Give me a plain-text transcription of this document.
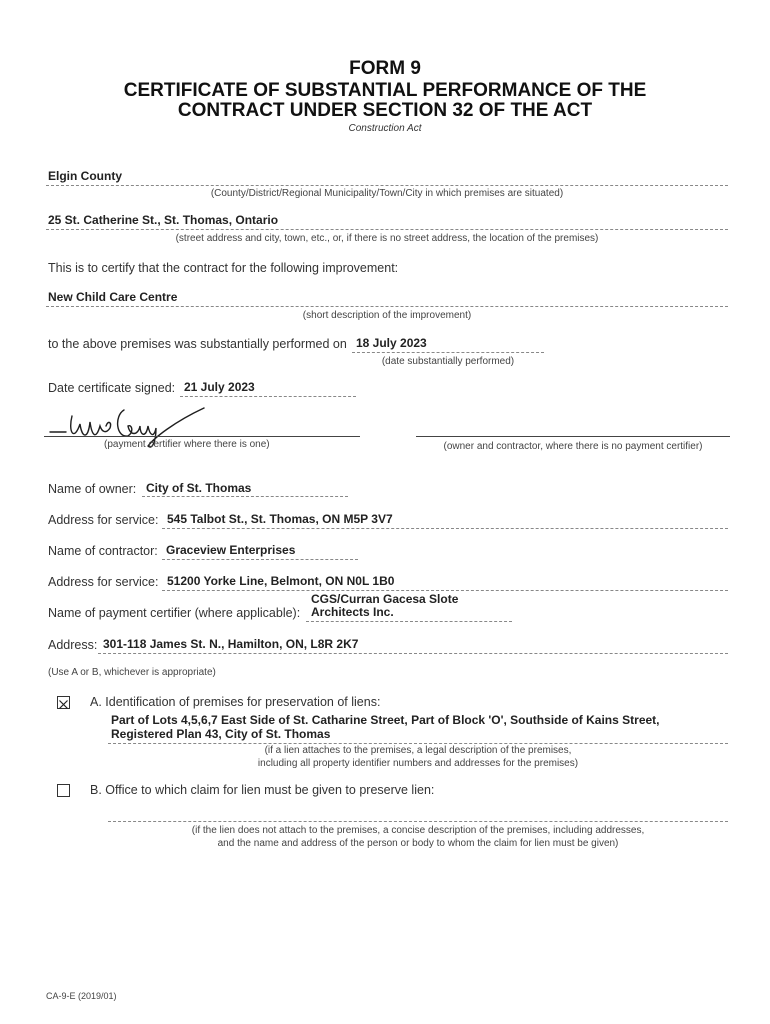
FORM 9
CERTIFICATE OF SUBSTANTIAL PERFORMANCE OF THE
CONTRACT UNDER SECTION 32 OF THE ACT
Construction Act
Elgin County
(County/District/Regional Municipality/Town/City in which premises are situated)
25 St. Catherine St., St. Thomas, Ontario
(street address and city, town, etc., or, if there is no street address, the location of the premises)
This is to certify that the contract for the following improvement:
New Child Care Centre
(short description of the improvement)
to the above premises was substantially performed on 18 July 2023
(date substantially performed)
Date certificate signed: 21 July 2023
(payment certifier where there is one)	(owner and contractor, where there is no payment certifier)
Name of owner: City of St. Thomas
Address for service: 545 Talbot St., St. Thomas, ON M5P 3V7
Name of contractor: Graceview Enterprises
Address for service: 51200 Yorke Line, Belmont, ON N0L 1B0
CGS/Curran Gacesa Slote
Name of payment certifier (where applicable): Architects Inc.
Address: 301-118 James St. N., Hamilton, ON, L8R 2K7
(Use A or B, whichever is appropriate)
A. Identification of premises for preservation of liens:
Part of Lots 4,5,6,7 East Side of St. Catharine Street, Part of Block 'O', Southside of Kains Street,
Registered Plan 43, City of St. Thomas
(if a lien attaches to the premises, a legal description of the premises,
including all property identifier numbers and addresses for the premises)
B. Office to which claim for lien must be given to preserve lien:
(if the lien does not attach to the premises, a concise description of the premises, including addresses,
and the name and address of the person or body to whom the claim for lien must be given)
CA-9-E (2019/01)
